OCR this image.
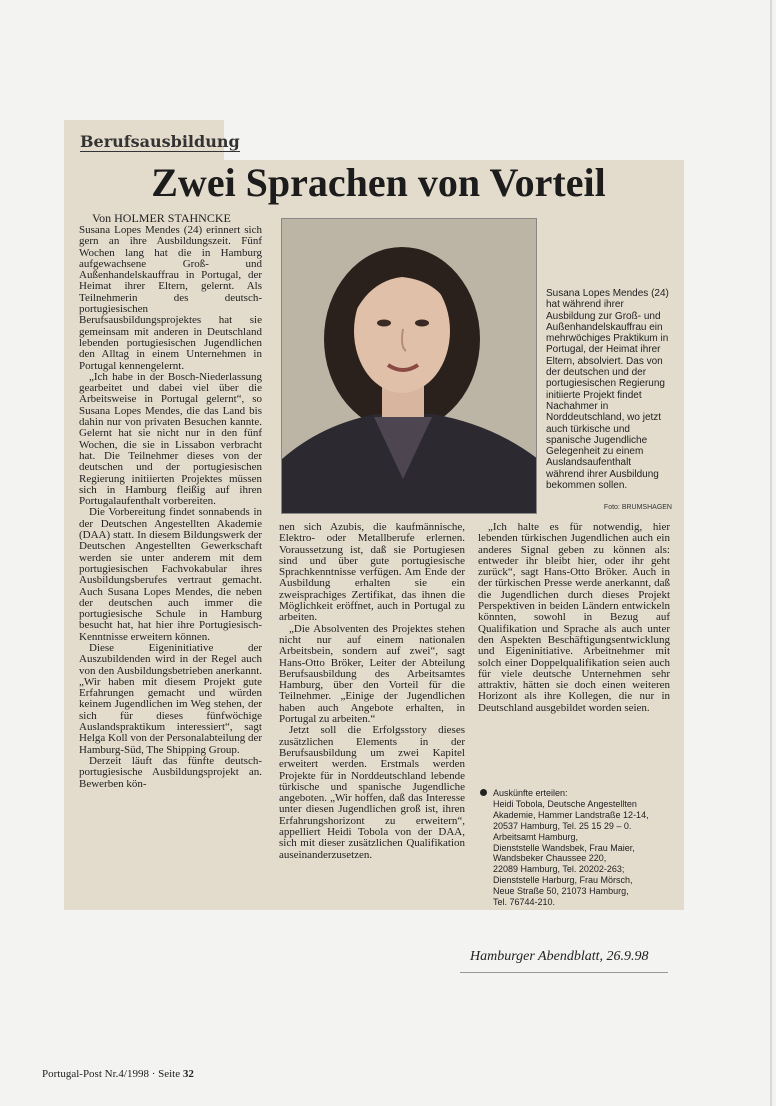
Berufsausbildung
Zwei Sprachen von Vorteil
Von HOLMER STAHNCKE

Susana Lopes Mendes (24) erinnert sich gern an ihre Ausbildungszeit. Fünf Wochen lang hat die in Hamburg aufgewachsene Groß- und Außenhandelskauffrau in Portugal, der Heimat ihrer Eltern, gelernt. Als Teilnehmerin des deutsch-portugiesischen Berufsausbildungsprojektes hat sie gemeinsam mit anderen in Deutschland lebenden portugiesischen Jugendlichen den Alltag in einem Unternehmen in Portugal kennengelernt.

„Ich habe in der Bosch-Niederlassung gearbeitet und dabei viel über die Arbeitsweise in Portugal gelernt“, so Susana Lopes Mendes, die das Land bis dahin nur von privaten Besuchen kannte. Gelernt hat sie nicht nur in den fünf Wochen, die sie in Lissabon verbracht hat. Die Teilnehmer dieses von der deutschen und der portugiesischen Regierung initiierten Projektes müssen sich in Hamburg fleißig auf ihren Portugalaufenthalt vorbereiten.

Die Vorbereitung findet sonnabends in der Deutschen Angestellten Akademie (DAA) statt. In diesem Bildungswerk der Deutschen Angestellten Gewerkschaft werden sie unter anderem mit dem portugiesischen Fachvokabular ihres Ausbildungsberufes vertraut gemacht. Auch Susana Lopes Mendes, die neben der deutschen auch immer die portugiesische Schule in Hamburg besucht hat, hat hier ihre Portugiesisch-Kenntnisse erweitern können.

Diese Eigeninitiative der Auszubildenden wird in der Regel auch von den Ausbildungsbetrieben anerkannt. „Wir haben mit diesem Projekt gute Erfahrungen gemacht und würden keinem Jugendlichen im Weg stehen, der sich für dieses fünfwöchige Auslandspraktikum interessiert“, sagt Helga Koll von der Personalabteilung der Hamburg-Süd, The Shipping Group.

Derzeit läuft das fünfte deutsch-portugiesische Ausbildungsprojekt an. Bewerben kön-

Susana Lopes Mendes (24) hat während ihrer Ausbildung zur Groß- und Außenhandelskauffrau ein mehrwöchiges Praktikum in Portugal, der Heimat ihrer Eltern, absolviert. Das von der deutschen und der portugiesischen Regierung initiierte Projekt findet Nachahmer in Norddeutschland, wo jetzt auch türkische und spanische Jugendliche Gelegenheit zu einem Auslandsaufenthalt während ihrer Ausbildung bekommen sollen.
Foto: BRUMSHAGEN

nen sich Azubis, die kaufmännische, Elektro- oder Metallberufe erlernen. Voraussetzung ist, daß sie Portugiesen sind und über gute portugiesische Sprachkenntnisse verfügen. Am Ende der Ausbildung erhalten sie ein zweisprachiges Zertifikat, das ihnen die Möglichkeit eröffnet, auch in Portugal zu arbeiten.

„Die Absolventen des Projektes stehen nicht nur auf einem nationalen Arbeitsbein, sondern auf zwei“, sagt Hans-Otto Bröker, Leiter der Abteilung Berufsausbildung des Arbeitsamtes Hamburg, über den Vorteil für die Teilnehmer. „Einige der Jugendlichen haben auch Angebote erhalten, in Portugal zu arbeiten.“

Jetzt soll die Erfolgsstory dieses zusätzlichen Elements in der Berufsausbildung um zwei Kapitel erweitert werden. Erstmals werden Projekte für in Norddeutschland lebende türkische und spanische Jugendliche angeboten. „Wir hoffen, daß das Interesse unter diesen Jugendlichen groß ist, ihren Erfahrungshorizont zu erweitern“, appelliert Heidi Tobola von der DAA, sich mit dieser zusätzlichen Qualifikation auseinanderzusetzen.

„Ich halte es für notwendig, hier lebenden türkischen Jugendlichen auch ein anderes Signal geben zu können als: entweder ihr bleibt hier, oder ihr geht zurück“, sagt Hans-Otto Bröker. Auch in der türkischen Presse werde anerkannt, daß die Jugendlichen durch dieses Projekt Perspektiven in beiden Ländern entwickeln könnten, sowohl in Bezug auf Qualifikation und Sprache als auch unter den Aspekten Beschäftigungsentwicklung und Eigeninitiative. Arbeitnehmer mit solch einer Doppelqualifikation seien auch für viele deutsche Unternehmen sehr attraktiv, hätten sie doch einen weiteren Horizont als ihre Kollegen, die nur in Deutschland ausgebildet worden seien.

Auskünfte erteilen:
Heidi Tobola, Deutsche Angestellten
Akademie, Hammer Landstraße 12-14,
20537 Hamburg, Tel. 25 15 29 – 0.
Arbeitsamt Hamburg,
Dienststelle Wandsbek, Frau Maier,
Wandsbeker Chaussee 220,
22089 Hamburg, Tel. 20202-263;
Dienststelle Harburg, Frau Mörsch,
Neue Straße 50, 21073 Hamburg,
Tel. 76744-210.
Hamburger Abendblatt, 26.9.98
Portugal-Post Nr.4/1998 · Seite 32
